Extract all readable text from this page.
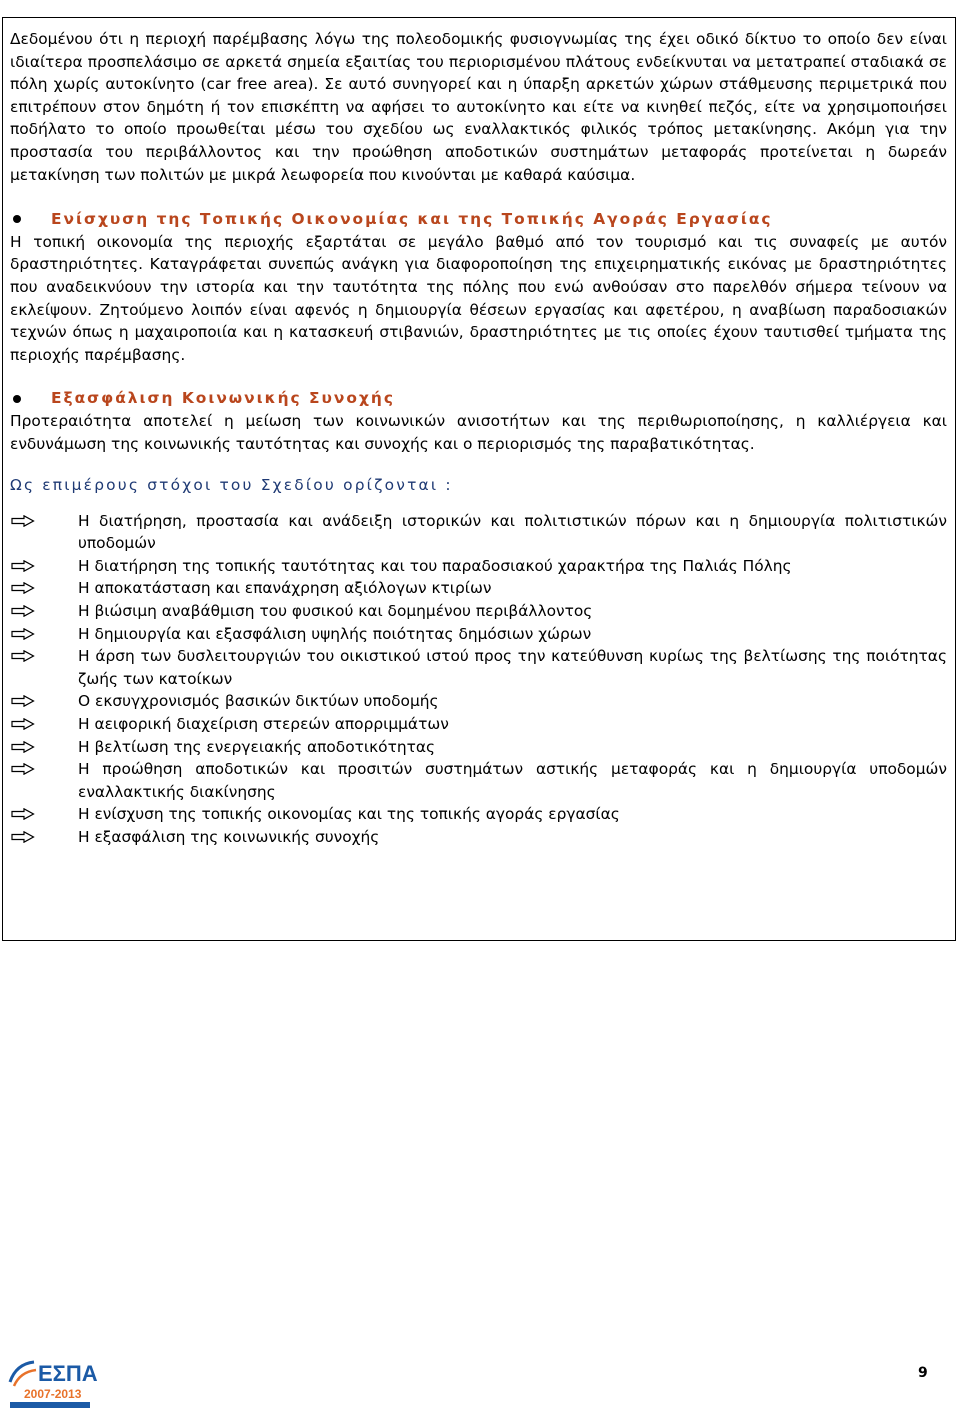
Δεδομένου ότι η περιοχή παρέμβασης λόγω της πολεοδομικής φυσιογνωμίας της έχει οδικό δίκτυο το οποίο δεν είναι ιδιαίτερα προσπελάσιμο σε αρκετά σημεία εξαιτίας του περιορισμένου πλάτους ενδείκνυται να μετατραπεί σταδιακά σε πόλη χωρίς αυτοκίνητο (car free area). Σε αυτό συνηγορεί και η ύπαρξη αρκετών χώρων στάθμευσης περιμετρικά που επιτρέπουν στον δημότη ή τον επισκέπτη να αφήσει το αυτοκίνητο και είτε να κινηθεί πεζός, είτε να χρησιμοποιήσει ποδήλατο το οποίο προωθείται μέσω του σχεδίου ως εναλλακτικός φιλικός τρόπος μετακίνησης. Ακόμη για την προστασία του περιβάλλοντος και την προώθηση αποδοτικών συστημάτων μεταφοράς προτείνεται η δωρεάν μετακίνηση των πολιτών με μικρά λεωφορεία που κινούνται με καθαρά καύσιμα.

Ενίσχυση της Τοπικής Οικονομίας και της Τοπικής Αγοράς Εργασίας

Η τοπική οικονομία της περιοχής εξαρτάται σε μεγάλο βαθμό από τον τουρισμό και τις συναφείς με αυτόν δραστηριότητες. Καταγράφεται συνεπώς ανάγκη για διαφοροποίηση της επιχειρηματικής εικόνας με δραστηριότητες που αναδεικνύουν την ιστορία και την ταυτότητα της πόλης που ενώ ανθούσαν στο παρελθόν σήμερα τείνουν να εκλείψουν. Ζητούμενο λοιπόν είναι αφενός η δημιουργία θέσεων εργασίας και αφετέρου, η αναβίωση παραδοσιακών τεχνών όπως η μαχαιροποιία και η κατασκευή στιβανιών, δραστηριότητες με τις οποίες έχουν ταυτισθεί τμήματα της περιοχής παρέμβασης.

Εξασφάλιση Κοινωνικής Συνοχής

Προτεραιότητα αποτελεί η μείωση των κοινωνικών ανισοτήτων και της περιθωριοποίησης, η καλλιέργεια και ενδυνάμωση της κοινωνικής ταυτότητας και συνοχής και ο περιορισμός της παραβατικότητας.

Ως επιμέρους στόχοι του Σχεδίου ορίζονται :
Η διατήρηση, προστασία και ανάδειξη ιστορικών και πολιτιστικών πόρων και η δημιουργία πολιτιστικών υποδομών
Η διατήρηση της τοπικής ταυτότητας και του παραδοσιακού χαρακτήρα της Παλιάς Πόλης
Η αποκατάσταση και επανάχρηση αξιόλογων κτιρίων
Η βιώσιμη αναβάθμιση του φυσικού και δομημένου περιβάλλοντος
Η δημιουργία και εξασφάλιση υψηλής ποιότητας δημόσιων χώρων
Η άρση των δυσλειτουργιών του οικιστικού ιστού προς την κατεύθυνση κυρίως της βελτίωσης της ποιότητας ζωής των κατοίκων
Ο εκσυγχρονισμός βασικών δικτύων υποδομής
Η αειφορική διαχείριση στερεών απορριμμάτων
Η βελτίωση της ενεργειακής αποδοτικότητας
Η προώθηση αποδοτικών και προσιτών συστημάτων αστικής μεταφοράς και η δημιουργία υποδομών εναλλακτικής διακίνησης
Η ενίσχυση της τοπικής οικονομίας και της τοπικής αγοράς εργασίας
Η εξασφάλιση της κοινωνικής συνοχής
ΕΣΠΑ
2007-2013
9
